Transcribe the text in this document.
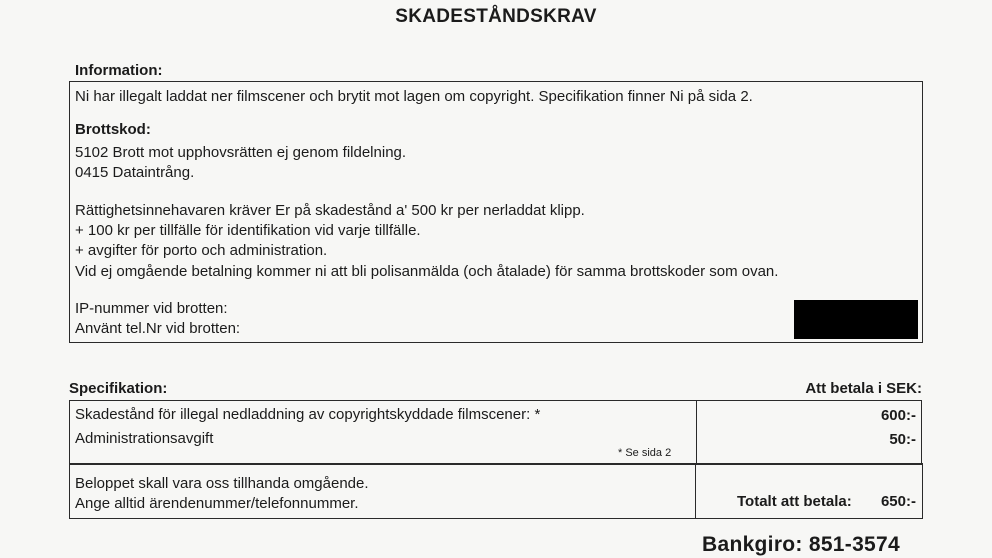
SKADESTÅNDSKRAV
Information:
Ni har illegalt laddat ner filmscener och brytit mot lagen om copyright. Specifikation finner Ni på sida 2.
Brottskod:
5102 Brott mot upphovsrätten ej genom fildelning.
0415 Dataintrång.
Rättighetsinnehavaren kräver Er på skadestånd a' 500 kr per nerladdat klipp.
+ 100 kr per tillfälle för identifikation vid varje tillfälle.
+ avgifter för porto och administration.
Vid ej omgående betalning kommer ni att bli polisanmälda (och åtalade) för samma brottskoder som ovan.
IP-nummer vid brotten:
Använt tel.Nr vid brotten:
Specifikation:	Att betala i SEK:
Skadestånd för illegal nedladdning av copyrightskyddade filmscener: *	600:-
Administrationsavgift	50:-
* Se sida 2
Beloppet skall vara oss tillhanda omgående.
Ange alltid ärendenummer/telefonnummer.	Totalt att betala:	650:-
Bankgiro: 851-3574
